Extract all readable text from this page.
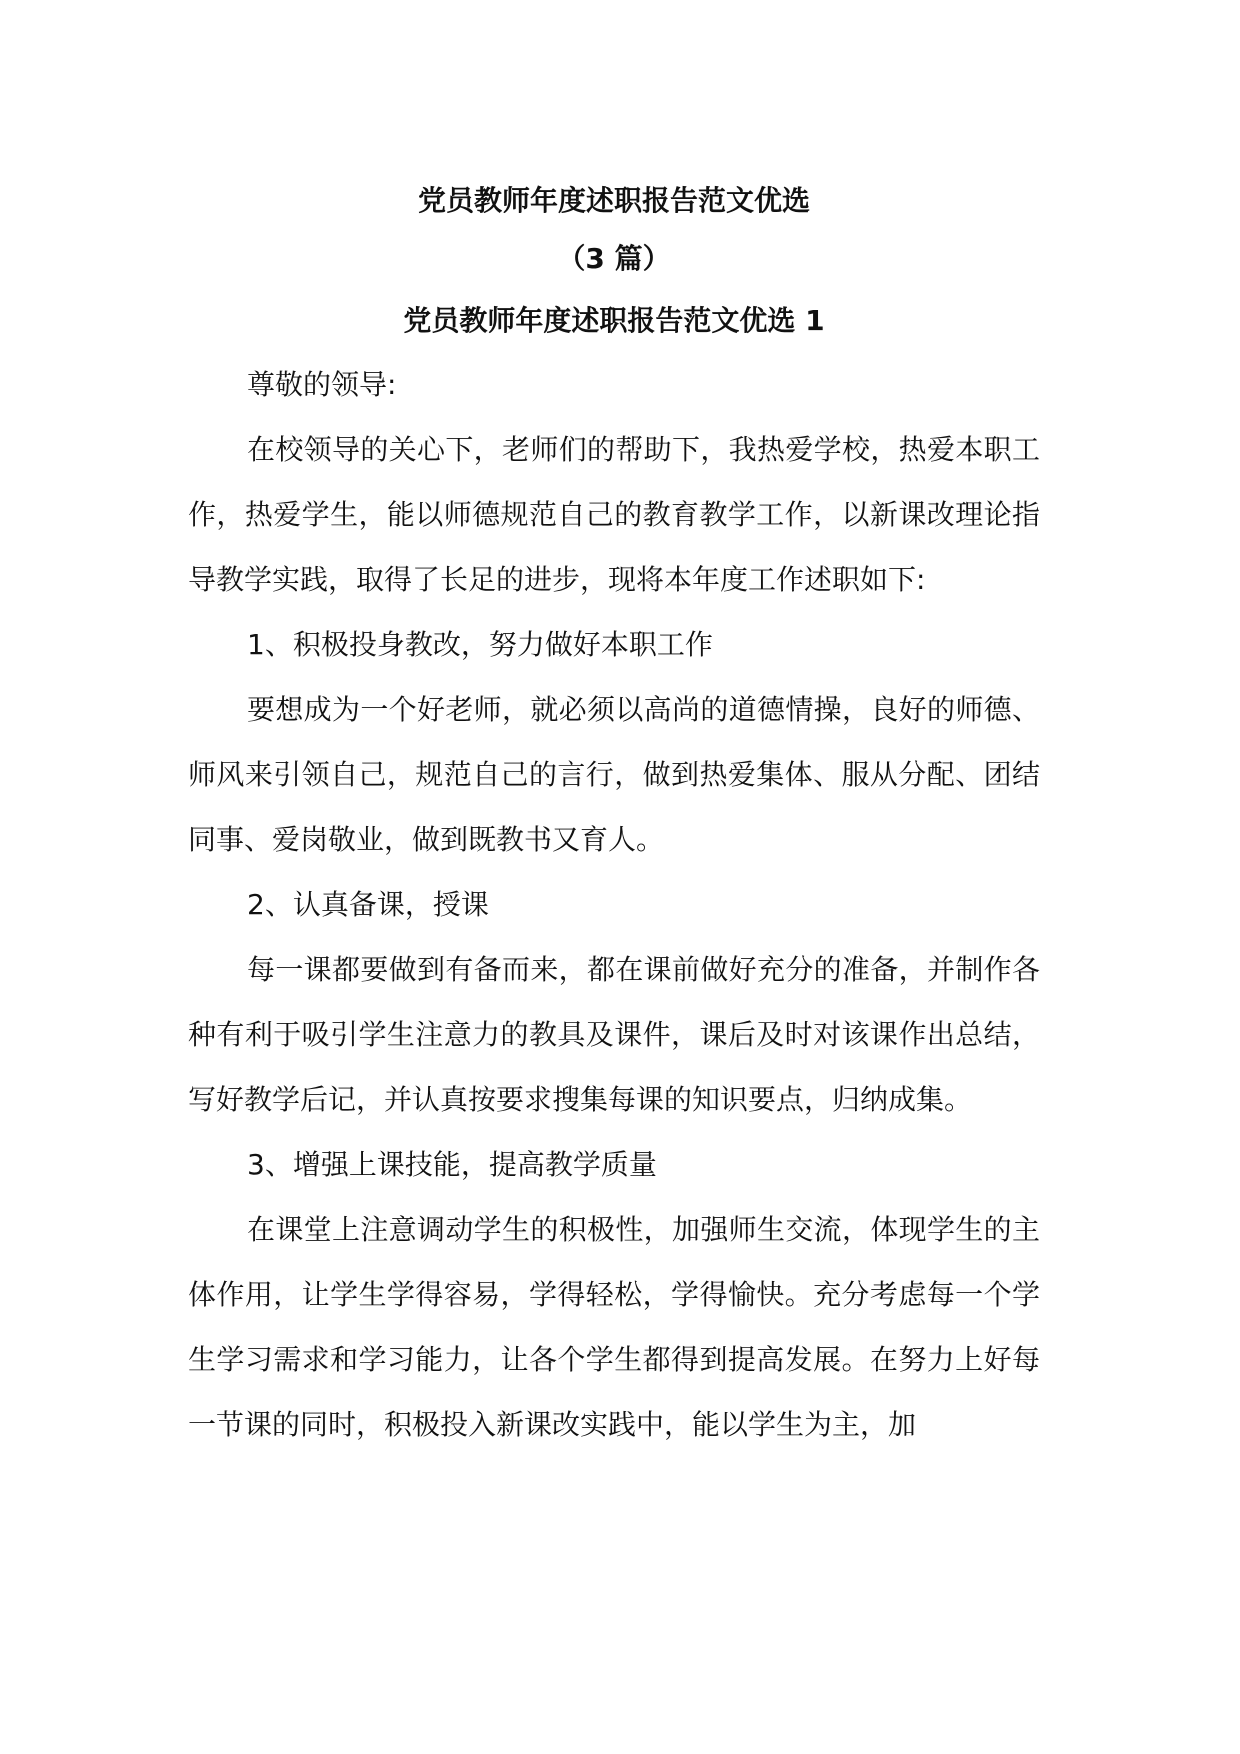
党员教师年度述职报告范文优选
（3 篇）
党员教师年度述职报告范文优选 1

尊敬的领导:

在校领导的关心下，老师们的帮助下，我热爱学校，热爱本职工作，热爱学生，能以师德规范自己的教育教学工作，以新课改理论指导教学实践，取得了长足的进步，现将本年度工作述职如下:

1、积极投身教改，努力做好本职工作

要想成为一个好老师，就必须以高尚的道德情操，良好的师德、师风来引领自己，规范自己的言行，做到热爱集体、服从分配、团结同事、爱岗敬业，做到既教书又育人。

2、认真备课，授课

每一课都要做到有备而来，都在课前做好充分的准备，并制作各种有利于吸引学生注意力的教具及课件，课后及时对该课作出总结，写好教学后记，并认真按要求搜集每课的知识要点，归纳成集。

3、增强上课技能，提高教学质量

在课堂上注意调动学生的积极性，加强师生交流，体现学生的主体作用，让学生学得容易，学得轻松，学得愉快。充分考虑每一个学生学习需求和学习能力，让各个学生都得到提高发展。在努力上好每一节课的同时，积极投入新课改实践中，能以学生为主，加
